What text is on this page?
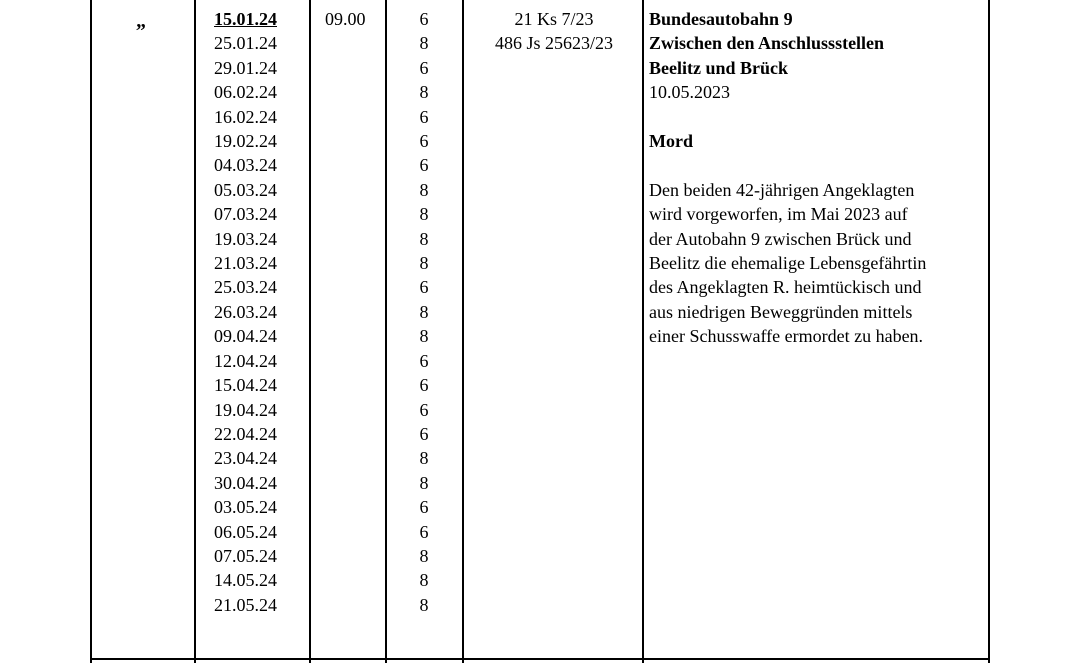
„	15.01.24
25.01.24
29.01.24
06.02.24
16.02.24
19.02.24
04.03.24
05.03.24
07.03.24
19.03.24
21.03.24
25.03.24
26.03.24
09.04.24
12.04.24
15.04.24
19.04.24
22.04.24
23.04.24
30.04.24
03.05.24
06.05.24
07.05.24
14.05.24
21.05.24
09.00	6
8
6
8
6
6
6
8
8
8
8
6
8
8
6
6
6
6
8
8
6
6
8
8
8
21 Ks 7/23
486 Js 25623/23
Bundesautobahn 9
Zwischen den Anschlussstellen
Beelitz und Brück
10.05.2023
Mord
Den beiden 42-jährigen Angeklagten
wird vorgeworfen, im Mai 2023 auf
der Autobahn 9 zwischen Brück und
Beelitz die ehemalige Lebensgefährtin
des Angeklagten R. heimtückisch und
aus niedrigen Beweggründen mittels
einer Schusswaffe ermordet zu haben.
